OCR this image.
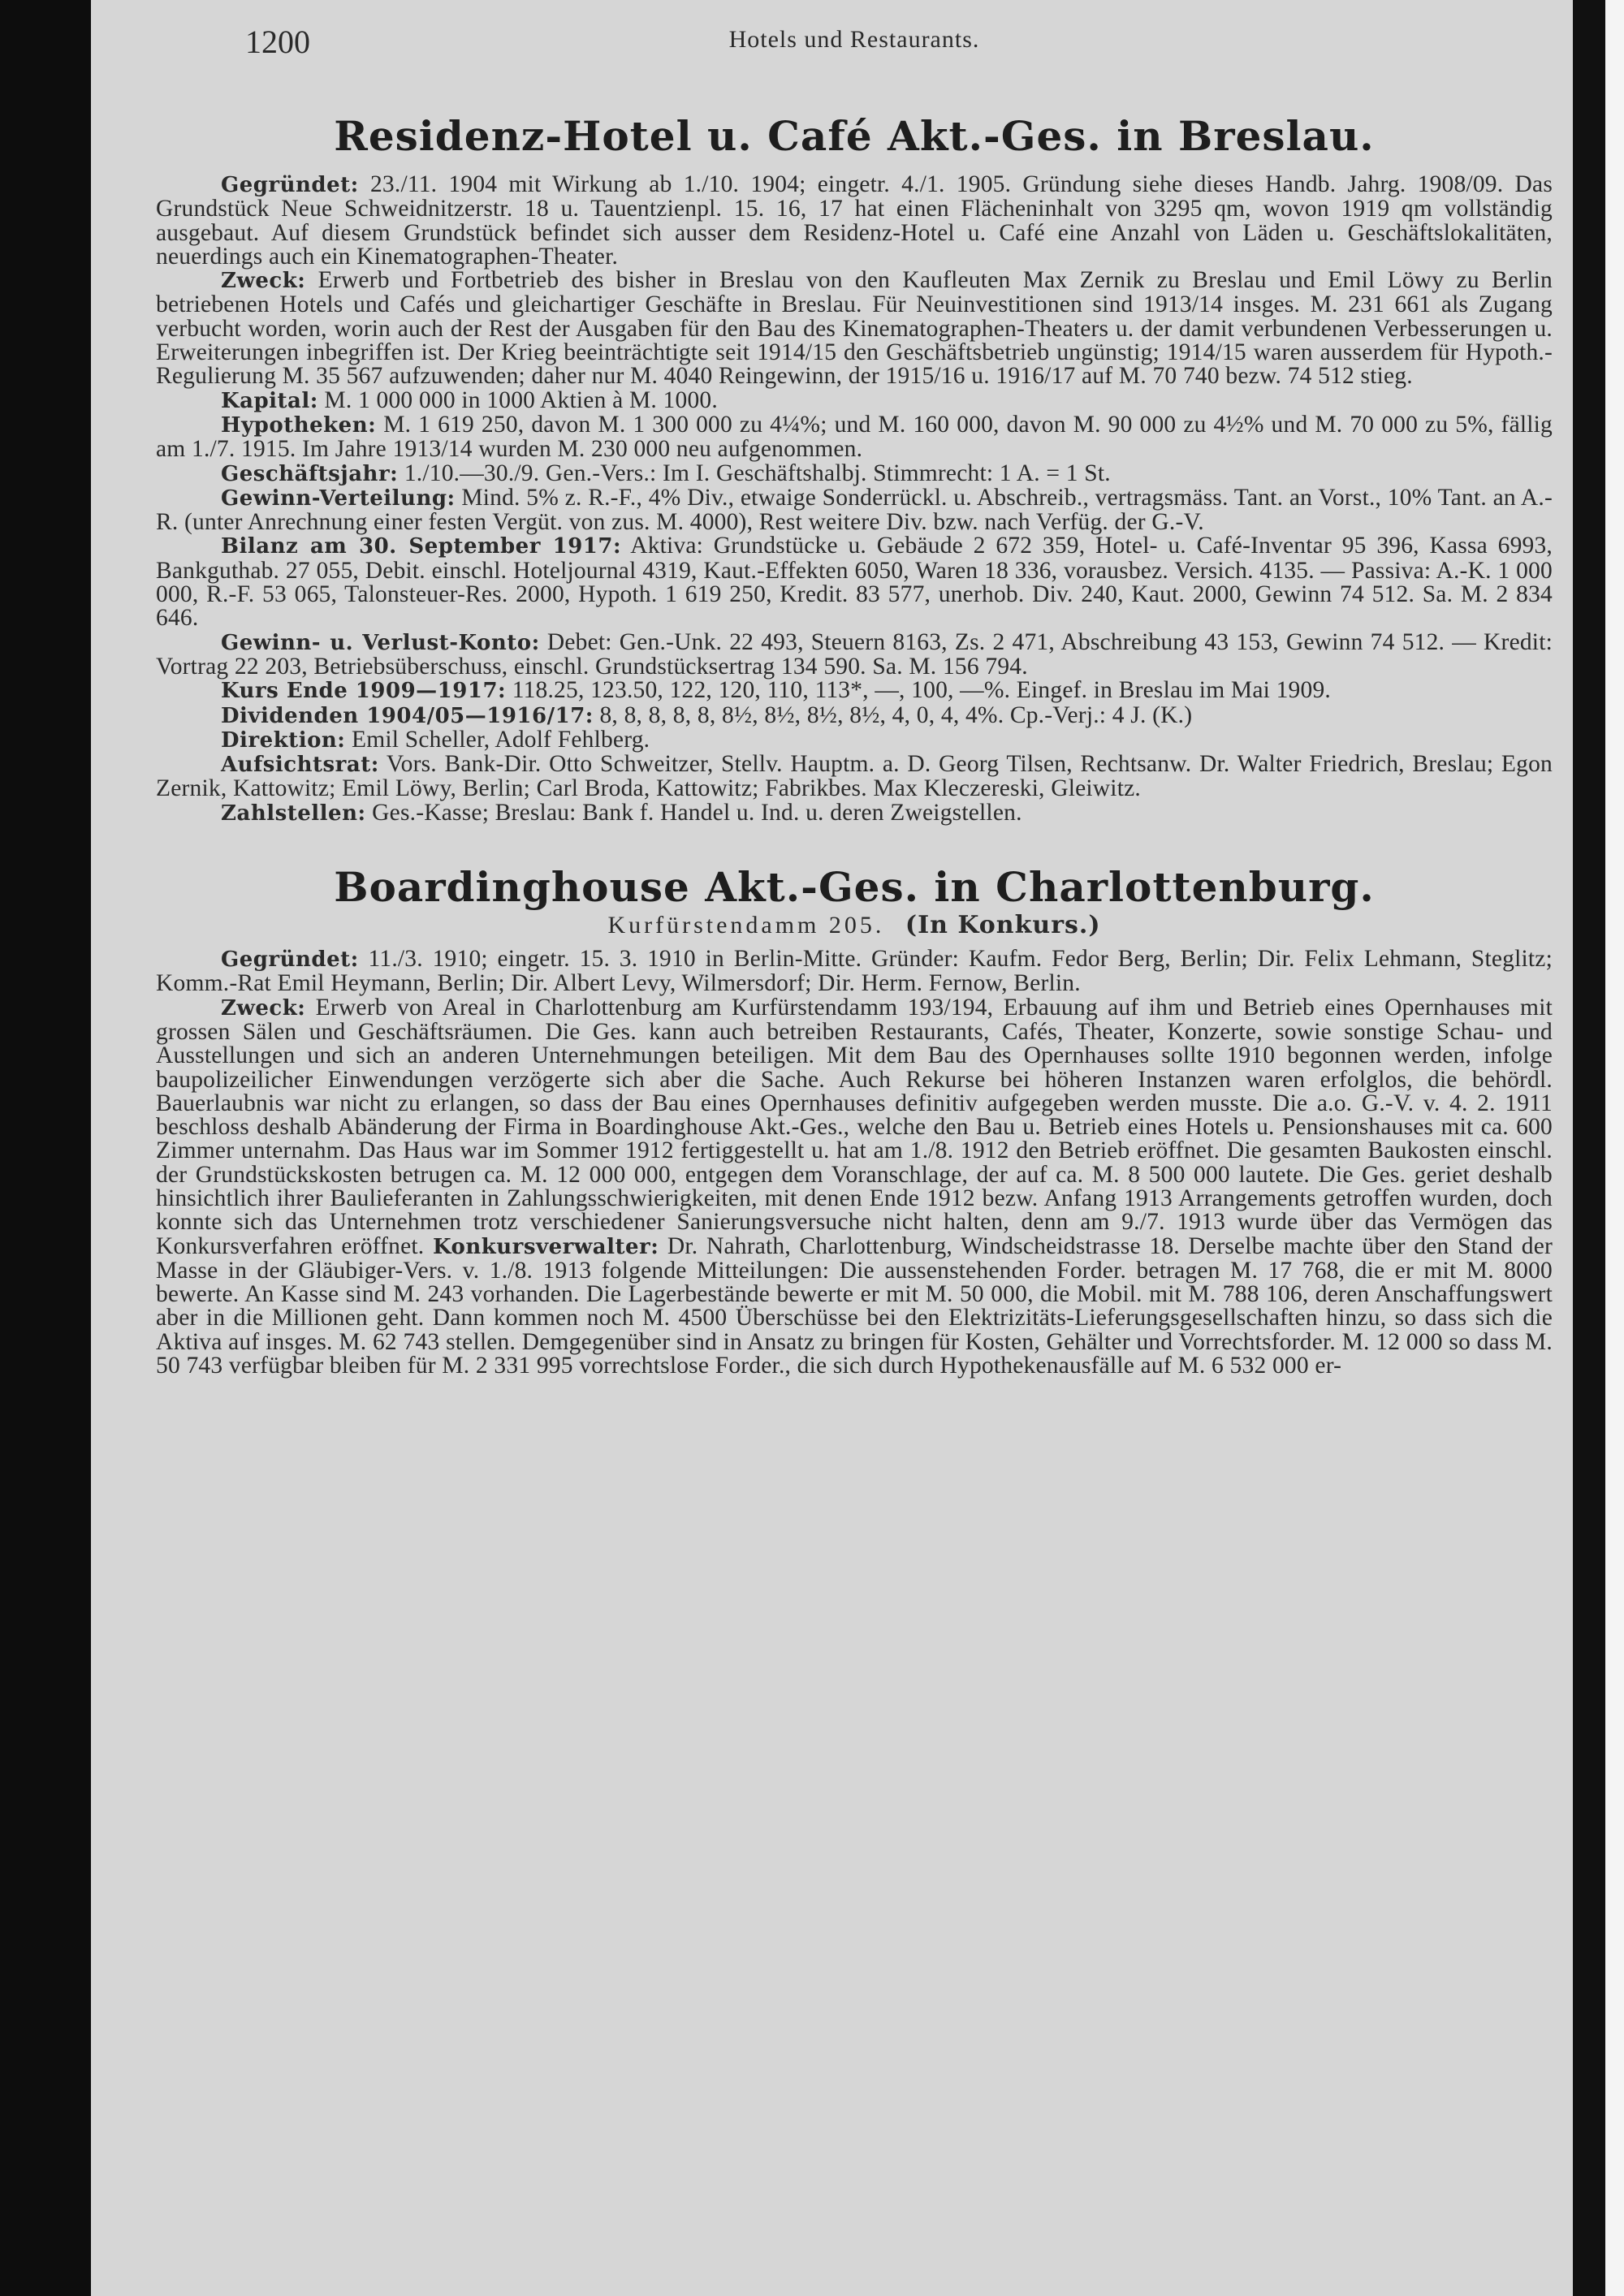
1200	Hotels und Restaurants.
Residenz-Hotel u. Café Akt.-Ges. in Breslau.

Gegründet: 23./11. 1904 mit Wirkung ab 1./10. 1904; eingetr. 4./1. 1905. Gründung siehe dieses Handb. Jahrg. 1908/09. Das Grundstück Neue Schweidnitzerstr. 18 u. Tauentzienpl. 15. 16, 17 hat einen Flächeninhalt von 3295 qm, wovon 1919 qm vollständig ausgebaut. Auf diesem Grundstück befindet sich ausser dem Residenz-Hotel u. Café eine Anzahl von Läden u. Geschäftslokalitäten, neuerdings auch ein Kinematographen-Theater.

Zweck: Erwerb und Fortbetrieb des bisher in Breslau von den Kaufleuten Max Zernik zu Breslau und Emil Löwy zu Berlin betriebenen Hotels und Cafés und gleichartiger Geschäfte in Breslau. Für Neuinvestitionen sind 1913/14 insges. M. 231 661 als Zugang verbucht worden, worin auch der Rest der Ausgaben für den Bau des Kinematographen-Theaters u. der damit verbundenen Verbesserungen u. Erweiterungen inbegriffen ist. Der Krieg beeinträchtigte seit 1914/15 den Geschäftsbetrieb ungünstig; 1914/15 waren ausserdem für Hypoth.-Regulierung M. 35 567 aufzuwenden; daher nur M. 4040 Reingewinn, der 1915/16 u. 1916/17 auf M. 70 740 bezw. 74 512 stieg.

Kapital: M. 1 000 000 in 1000 Aktien à M. 1000.

Hypotheken: M. 1 619 250, davon M. 1 300 000 zu 4¼%; und M. 160 000, davon M. 90 000 zu 4½% und M. 70 000 zu 5%, fällig am 1./7. 1915. Im Jahre 1913/14 wurden M. 230 000 neu aufgenommen.

Geschäftsjahr: 1./10.—30./9. Gen.-Vers.: Im I. Geschäftshalbj. Stimmrecht: 1 A. = 1 St.

Gewinn-Verteilung: Mind. 5% z. R.-F., 4% Div., etwaige Sonderrückl. u. Abschreib., vertragsmäss. Tant. an Vorst., 10% Tant. an A.-R. (unter Anrechnung einer festen Vergüt. von zus. M. 4000), Rest weitere Div. bzw. nach Verfüg. der G.-V.

Bilanz am 30. September 1917: Aktiva: Grundstücke u. Gebäude 2 672 359, Hotel- u. Café-Inventar 95 396, Kassa 6993, Bankguthab. 27 055, Debit. einschl. Hoteljournal 4319, Kaut.-Effekten 6050, Waren 18 336, vorausbez. Versich. 4135. — Passiva: A.-K. 1 000 000, R.-F. 53 065, Talonsteuer-Res. 2000, Hypoth. 1 619 250, Kredit. 83 577, unerhob. Div. 240, Kaut. 2000, Gewinn 74 512. Sa. M. 2 834 646.

Gewinn- u. Verlust-Konto: Debet: Gen.-Unk. 22 493, Steuern 8163, Zs. 2 471, Abschreibung 43 153, Gewinn 74 512. — Kredit: Vortrag 22 203, Betriebsüberschuss, einschl. Grundstücksertrag 134 590. Sa. M. 156 794.

Kurs Ende 1909—1917: 118.25, 123.50, 122, 120, 110, 113*, —, 100, —%. Eingef. in Breslau im Mai 1909.

Dividenden 1904/05—1916/17: 8, 8, 8, 8, 8, 8½, 8½, 8½, 8½, 4, 0, 4, 4%. Cp.-Verj.: 4 J. (K.)

Direktion: Emil Scheller, Adolf Fehlberg.

Aufsichtsrat: Vors. Bank-Dir. Otto Schweitzer, Stellv. Hauptm. a. D. Georg Tilsen, Rechtsanw. Dr. Walter Friedrich, Breslau; Egon Zernik, Kattowitz; Emil Löwy, Berlin; Carl Broda, Kattowitz; Fabrikbes. Max Kleczereski, Gleiwitz.

Zahlstellen: Ges.-Kasse; Breslau: Bank f. Handel u. Ind. u. deren Zweigstellen.

Boardinghouse Akt.-Ges. in Charlottenburg.
Kurfürstendamm 205. (In Konkurs.)

Gegründet: 11./3. 1910; eingetr. 15. 3. 1910 in Berlin-Mitte. Gründer: Kaufm. Fedor Berg, Berlin; Dir. Felix Lehmann, Steglitz; Komm.-Rat Emil Heymann, Berlin; Dir. Albert Levy, Wilmersdorf; Dir. Herm. Fernow, Berlin.

Zweck: Erwerb von Areal in Charlottenburg am Kurfürstendamm 193/194, Erbauung auf ihm und Betrieb eines Opernhauses mit grossen Sälen und Geschäftsräumen. Die Ges. kann auch betreiben Restaurants, Cafés, Theater, Konzerte, sowie sonstige Schau- und Ausstellungen und sich an anderen Unternehmungen beteiligen. Mit dem Bau des Opernhauses sollte 1910 begonnen werden, infolge baupolizeilicher Einwendungen verzögerte sich aber die Sache. Auch Rekurse bei höheren Instanzen waren erfolglos, die behördl. Bauerlaubnis war nicht zu erlangen, so dass der Bau eines Opernhauses definitiv aufgegeben werden musste. Die a.o. G.-V. v. 4. 2. 1911 beschloss deshalb Abänderung der Firma in Boardinghouse Akt.-Ges., welche den Bau u. Betrieb eines Hotels u. Pensionshauses mit ca. 600 Zimmer unternahm. Das Haus war im Sommer 1912 fertiggestellt u. hat am 1./8. 1912 den Betrieb eröffnet. Die gesamten Baukosten einschl. der Grundstückskosten betrugen ca. M. 12 000 000, entgegen dem Voranschlage, der auf ca. M. 8 500 000 lautete. Die Ges. geriet deshalb hinsichtlich ihrer Baulieferanten in Zahlungsschwierigkeiten, mit denen Ende 1912 bezw. Anfang 1913 Arrangements getroffen wurden, doch konnte sich das Unternehmen trotz verschiedener Sanierungsversuche nicht halten, denn am 9./7. 1913 wurde über das Vermögen das Konkursverfahren eröffnet. Konkursverwalter: Dr. Nahrath, Charlottenburg, Windscheidstrasse 18. Derselbe machte über den Stand der Masse in der Gläubiger-Vers. v. 1./8. 1913 folgende Mitteilungen: Die aussenstehenden Forder. betragen M. 17 768, die er mit M. 8000 bewerte. An Kasse sind M. 243 vorhanden. Die Lagerbestände bewerte er mit M. 50 000, die Mobil. mit M. 788 106, deren Anschaffungswert aber in die Millionen geht. Dann kommen noch M. 4500 Überschüsse bei den Elektrizitäts-Lieferungsgesellschaften hinzu, so dass sich die Aktiva auf insges. M. 62 743 stellen. Demgegenüber sind in Ansatz zu bringen für Kosten, Gehälter und Vorrechtsforder. M. 12 000 so dass M. 50 743 verfügbar bleiben für M. 2 331 995 vorrechtslose Forder., die sich durch Hypothekenausfälle auf M. 6 532 000 er-
